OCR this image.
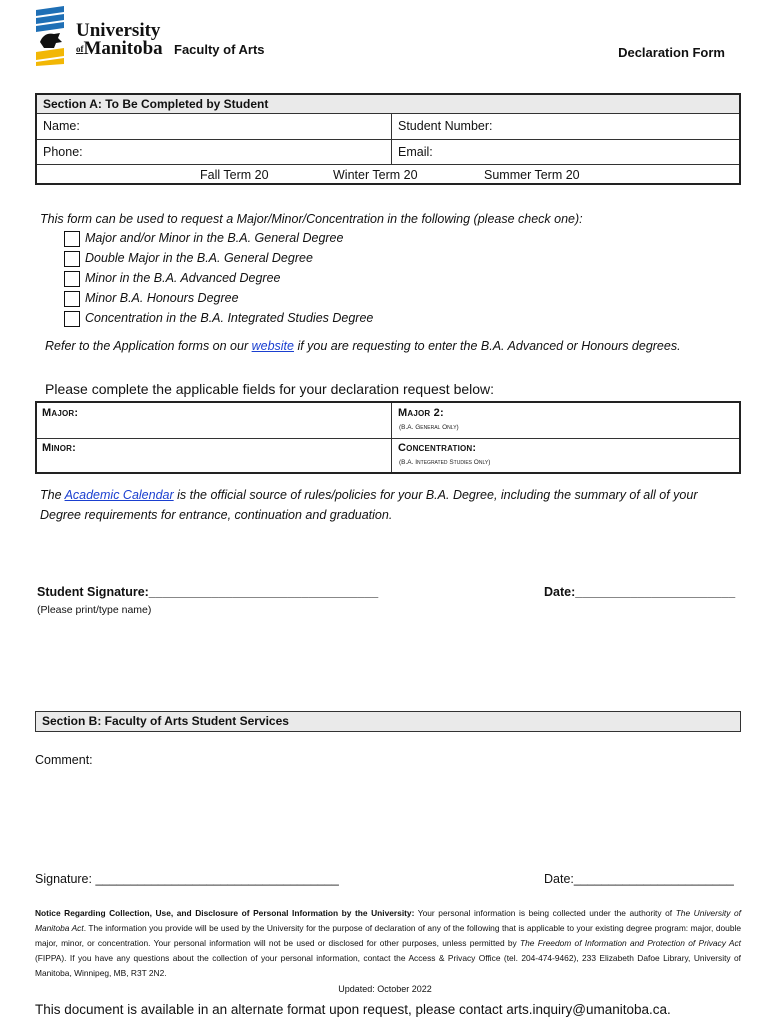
University
ofManitoba Faculty of Arts	Declaration Form
Section A: To Be Completed by Student
Name:	Student Number:
Phone:	Email:
Fall Term 20	Winter Term 20	Summer Term 20
This form can be used to request a Major/Minor/Concentration in the following (please check one):
Major and/or Minor in the B.A. General Degree
Double Major in the B.A. General Degree
Minor in the B.A. Advanced Degree
Minor B.A. Honours Degree
Concentration in the B.A. Integrated Studies Degree
Refer to the Application forms on our website if you are requesting to enter the B.A. Advanced or Honours degrees.
Please complete the applicable fields for your declaration request below:
Major:	Major 2:
(B.A. General Only)
Minor:	Concentration:
(B.A. Integrated Studies Only)
The Academic Calendar is the official source of rules/policies for your B.A. Degree, including the summary of all of your
Degree requirements for entrance, continuation and graduation.
Student Signature:_________________________________	Date:_______________________
(Please print/type name)
Section B: Faculty of Arts Student Services
Comment:
Signature: ___________________________________	Date:_______________________
Notice Regarding Collection, Use, and Disclosure of Personal Information by the University: Your personal information is being collected under the authority of The University of Manitoba Act. The information you provide will be used by the University for the purpose of declaration of any of the following that is applicable to your existing degree program: major, double major, minor, or concentration. Your personal information will not be used or disclosed for other purposes, unless permitted by The Freedom of Information and Protection of Privacy Act (FIPPA). If you have any questions about the collection of your personal information, contact the Access & Privacy Office (tel. 204-474-9462), 233 Elizabeth Dafoe Library, University of Manitoba, Winnipeg, MB, R3T 2N2.
Updated: October 2022
This document is available in an alternate format upon request, please contact arts.inquiry@umanitoba.ca.
